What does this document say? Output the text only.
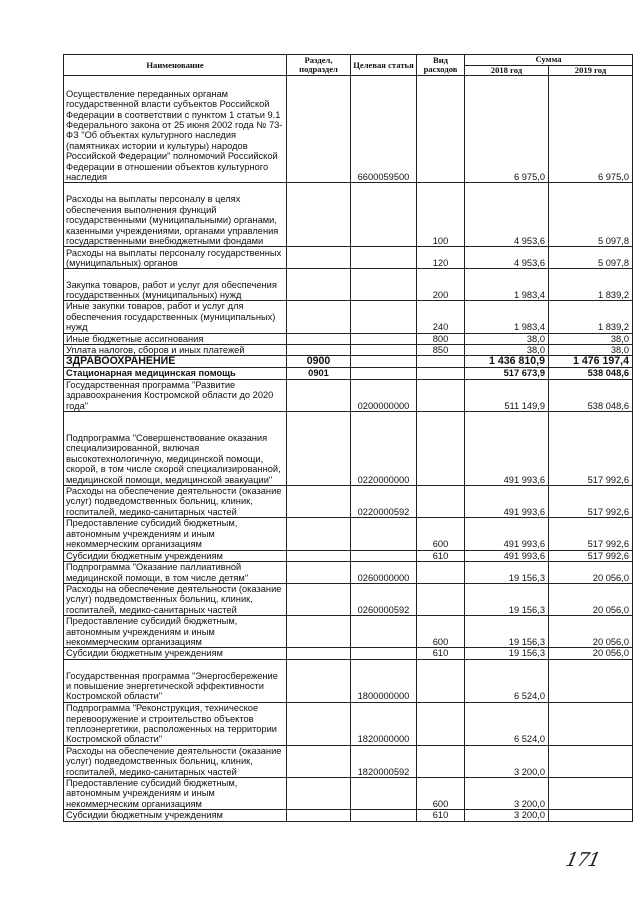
Наименование	Раздел, подраздел	Целевая статья	Вид расходов	Сумма	
				2018 год	2019 год
Осуществление переданных органам государственной власти субъектов Российской Федерации в соответствии с пунктом 1 статьи 9.1 Федерального закона от 25 июня 2002 года № 73-ФЗ "Об объектах культурного наследия (памятниках истории и культуры) народов Российской Федерации" полномочий Российской Федерации в отношении объектов культурного наследия		6600059500		6 975,0	6 975,0
Расходы на выплаты персоналу в целях обеспечения выполнения функций государственными (муниципальными) органами, казенными учреждениями, органами управления государственными внебюджетными фондами			100	4 953,6	5 097,8
Расходы на выплаты персоналу государственных (муниципальных) органов			120	4 953,6	5 097,8
Закупка товаров, работ и услуг для обеспечения государственных (муниципальных) нужд			200	1 983,4	1 839,2
Иные закупки товаров, работ и услуг для обеспечения государственных (муниципальных) нужд			240	1 983,4	1 839,2
Иные бюджетные ассигнования			800	38,0	38,0
Уплата налогов, сборов и иных платежей			850	38,0	38,0
ЗДРАВООХРАНЕНИЕ	0900			1 436 810,9	1 476 197,4
Стационарная медицинская помощь	0901			517 673,9	538 048,6
Государственная программа "Развитие здравоохранения Костромской области до 2020 года"		0200000000		511 149,9	538 048,6
Подпрограмма "Совершенствование оказания специализированной, включая высокотехнологичную, медицинской помощи, скорой, в том числе скорой специализированной, медицинской помощи, медицинской эвакуации"		0220000000		491 993,6	517 992,6
Расходы на обеспечение деятельности (оказание услуг) подведомственных больниц, клиник, госпиталей, медико-санитарных частей		0220000592		491 993,6	517 992,6
Предоставление субсидий бюджетным, автономным учреждениям и иным некоммерческим организациям			600	491 993,6	517 992,6
Субсидии бюджетным учреждениям			610	491 993,6	517 992,6
Подпрограмма "Оказание паллиативной медицинской помощи, в том числе детям"		0260000000		19 156,3	20 056,0
Расходы на обеспечение деятельности (оказание услуг) подведомственных больниц, клиник, госпиталей, медико-санитарных частей		0260000592		19 156,3	20 056,0
Предоставление субсидий бюджетным, автономным учреждениям и иным некоммерческим организациям			600	19 156,3	20 056,0
Субсидии бюджетным учреждениям			610	19 156,3	20 056,0
Государственная программа "Энергосбережение и повышение энергетической эффективности Костромской области"		1800000000		6 524,0	
Подпрограмма "Реконструкция, техническое перевооружение и строительство объектов теплоэнергетики, расположенных на территории Костромской области"		1820000000		6 524,0	
Расходы на обеспечение деятельности (оказание услуг) подведомственных больниц, клиник, госпиталей, медико-санитарных частей		1820000592		3 200,0	
Предоставление субсидий бюджетным, автономным учреждениям и иным некоммерческим организациям			600	3 200,0	
Субсидии бюджетным учреждениям			610	3 200,0	
171
